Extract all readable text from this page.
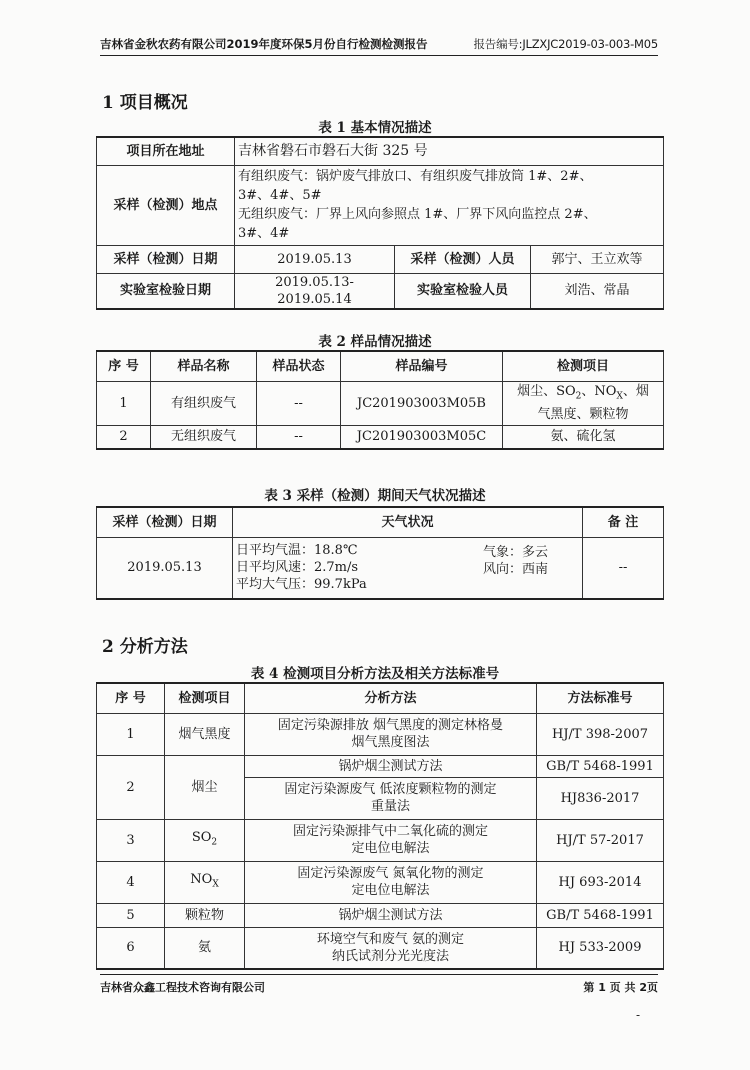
吉林省金秋农药有限公司2019年度环保5月份自行检测检测报告	报告编号:JLZXJC2019-03-003-M05
1 项目概况
表 1 基本情况描述
项目所在地址	吉林省磐石市磐石大街 325 号		
采样（检测）地点	有组织废气：锅炉废气排放口、有组织废气排放筒 1#、2#、
3#、4#、5#
无组织废气：厂界上风向参照点 1#、厂界下风向监控点 2#、
3#、4#		

采样（检测）日期	2019.05.13	采样（检测）人员	郭宁、王立欢等
实验室检验日期	2019.05.13-2019.05.14	实验室检验人员	刘浩、常晶
表 2 样品情况描述
序 号	样品名称	样品状态	样品编号	检测项目
1	有组织废气	--	JC201903003M05B	烟尘、$SO_2$、$NO_X$、烟
气黑度、颗粒物

2	无组织废气	--	JC201903003M05C	氨、硫化氢
表 3 采样（检测）期间天气状况描述
采样（检测）日期	天气状况	备 注
2019.05.13	日平均气温：18.8℃
日平均风速：2.7m/s
平均大气压：99.7kPa
气象：多云
风向：西南	--
2 分析方法
表 4 检测项目分析方法及相关方法标准号
序 号	检测项目	分析方法	方法标准号
1	烟气黑度	固定污染源排放 烟气黑度的测定林格曼
烟气黑度图法	HJ/T 398-2007
2	烟尘	锅炉烟尘测试方法	GB/T 5468-1991

		固定污染源废气 低浓度颗粒物的测定
重量法	HJ836-2017
3	$SO_2$	固定污染源排气中二氧化硫的测定
定电位电解法	HJ/T 57-2017
4	$NO_X$	固定污染源废气 氮氧化物的测定
定电位电解法	HJ 693-2014
5	颗粒物	锅炉烟尘测试方法	GB/T 5468-1991
6	氨	环境空气和废气 氨的测定
纳氏试剂分光光度法	HJ 533-2009
吉林省众鑫工程技术咨询有限公司	第 1 页 共 2页
-
